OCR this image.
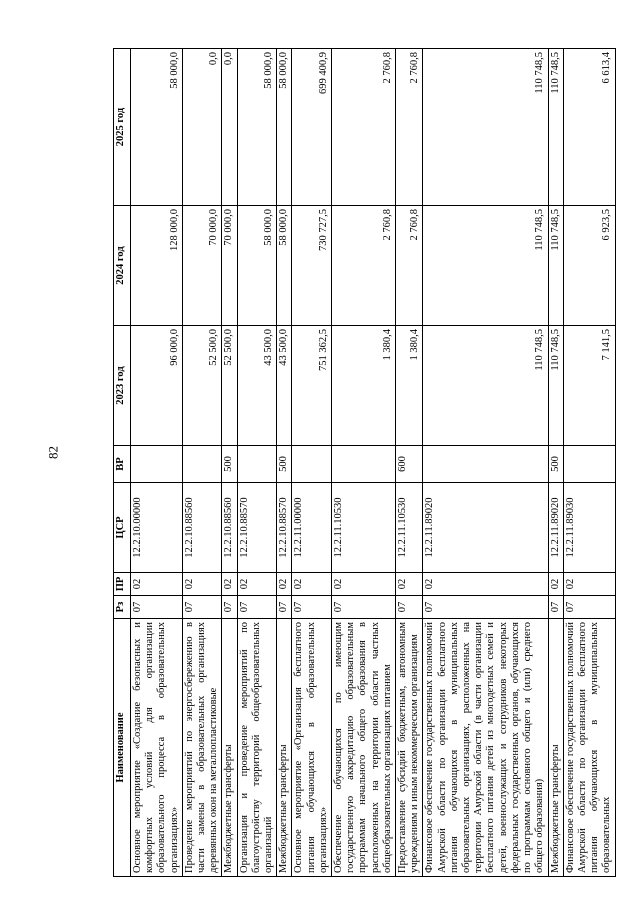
82
Наименование	Рз	ПР	ЦСР	ВР	2023 год	2024 год	2025 год
Основное мероприятие «Создание безопасных и комфортных условий для организации образовательного процесса в образовательных организациях»	07	02	12.2.10.00000		96 000,0	128 000,0	58 000,0
Проведение мероприятий по энергосбережению в части замены в образовательных организациях деревянных окон на металлопластиковые	07	02	12.2.10.88560		52 500,0	70 000,0	0,0
Межбюджетные трансферты	07	02	12.2.10.88560	500	52 500,0	70 000,0	0,0
Организация и проведение мероприятий по благоустройству территорий общеобразовательных организаций	07	02	12.2.10.88570		43 500,0	58 000,0	58 000,0
Межбюджетные трансферты	07	02	12.2.10.88570	500	43 500,0	58 000,0	58 000,0
Основное мероприятие «Организация бесплатного питания обучающихся в образовательных организациях»	07	02	12.2.11.00000		751 362,5	730 727,5	699 400,9
Обеспечение обучающихся по имеющим государственную аккредитацию образовательным программам начального общего образования в расположенных на территории области частных общеобразовательных организациях питанием	07	02	12.2.11.10530		1 380,4	2 760,8	2 760,8
Предоставление субсидий бюджетным, автономным учреждениям и иным некоммерческим организациям	07	02	12.2.11.10530	600	1 380,4	2 760,8	2 760,8
Финансовое обеспечение государственных полномочий Амурской области по организации бесплатного питания обучающихся в муниципальных образовательных организациях, расположенных на территории Амурской области (в части организации бесплатного питания детей из многодетных семей и детей, военнослужащих и сотрудников некоторых федеральных государственных органов, обучающихся по программам основного общего и (или) среднего общего образования)	07	02	12.2.11.89020		110 748,5	110 748,5	110 748,5
Межбюджетные трансферты	07	02	12.2.11.89020	500	110 748,5	110 748,5	110 748,5
Финансовое обеспечение государственных полномочий Амурской области по организации бесплатного питания обучающихся в муниципальных образовательных	07	02	12.2.11.89030		7 141,5	6 923,5	6 613,4
